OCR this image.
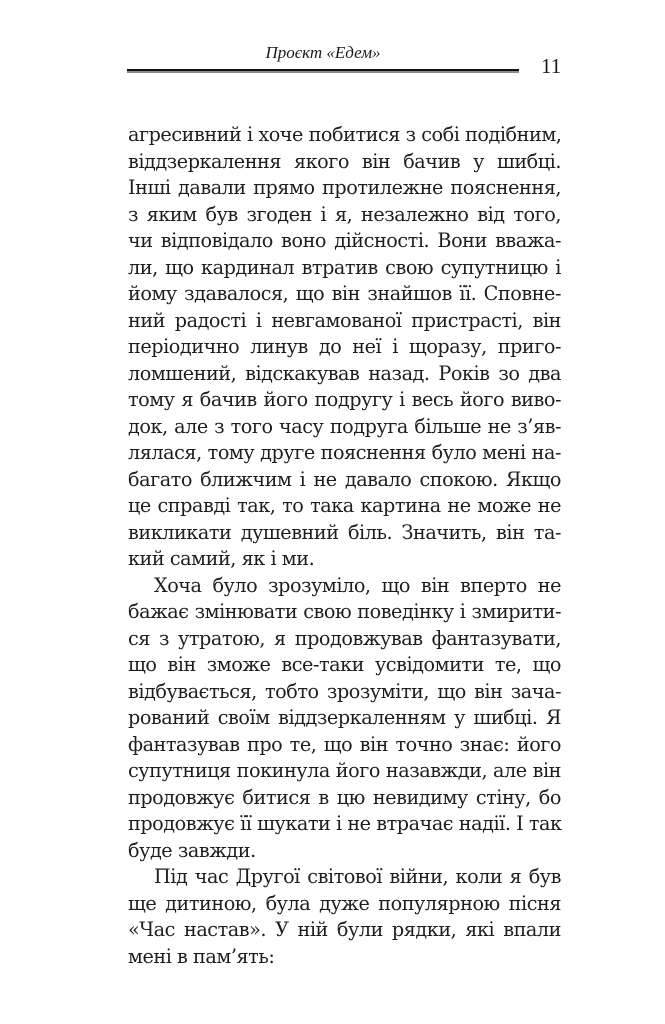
Проєкт «Едем»
11
агресивний і хоче побитися з собі подібним,
віддзеркалення якого він бачив у шибці.
Інші давали прямо протилежне пояснення,
з яким був згоден і я, незалежно від того,
чи відповідало воно дійсності. Вони вважа-
ли, що кардинал втратив свою супутницю і
йому здавалося, що він знайшов її. Сповне-
ний радості і невгамованої пристрасті, він
періодично линув до неї і щоразу, приго-
ломшений, відскакував назад. Років зо два
тому я бачив його подругу і весь його виво-
док, але з того часу подруга більше не з’яв-
лялася, тому друге пояснення було мені на-
багато ближчим і не давало спокою. Якщо
це справді так, то така картина не може не
викликати душевний біль. Значить, він та-
кий самий, як і ми.
Хоча було зрозуміло, що він вперто не
бажає змінювати свою поведінку і змирити-
ся з утратою, я продовжував фантазувати,
що він зможе все-таки усвідомити те, що
відбувається, тобто зрозуміти, що він зача-
рований своїм віддзеркаленням у шибці. Я
фантазував про те, що він точно знає: його
супутниця покинула його назавжди, але він
продовжує битися в цю невидиму стіну, бо
продовжує її шукати і не втрачає надії. І так
буде завжди.
Під час Другої світової війни, коли я був
ще дитиною, була дуже популярною пісня
«Час настав». У ній були рядки, які впали
мені в пам’ять:
